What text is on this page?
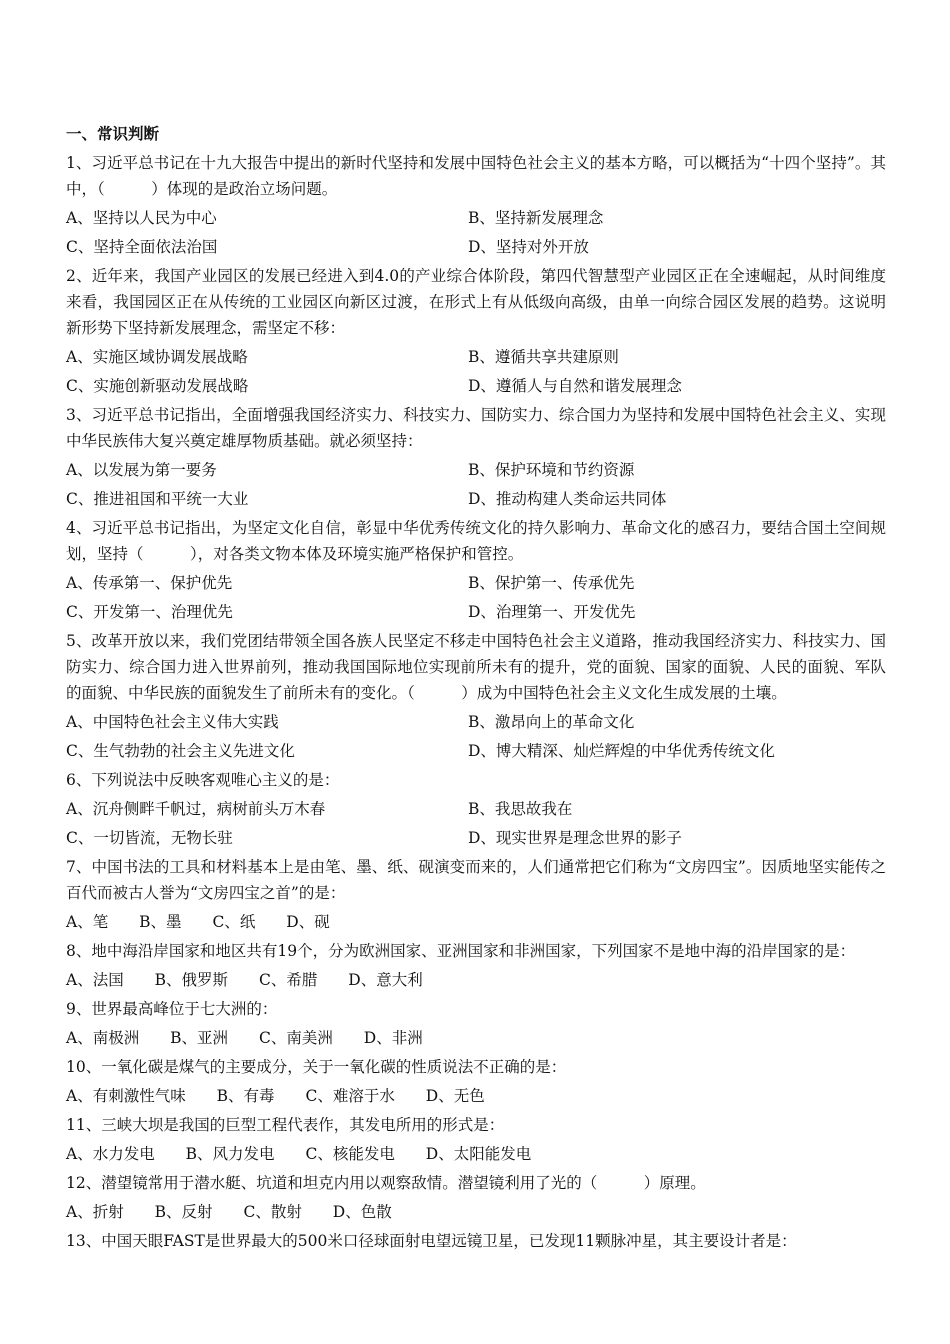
一、常识判断
1、习近平总书记在十九大报告中提出的新时代坚持和发展中国特色社会主义的基本方略，可以概括为“十四个坚持”。其中，（　　　）体现的是政治立场问题。
A、坚持以人民为中心	B、坚持新发展理念
C、坚持全面依法治国	D、坚持对外开放
2、近年来，我国产业园区的发展已经进入到4.0的产业综合体阶段，第四代智慧型产业园区正在全速崛起，从时间维度来看，我国园区正在从传统的工业园区向新区过渡，在形式上有从低级向高级，由单一向综合园区发展的趋势。这说明新形势下坚持新发展理念，需坚定不移：
A、实施区域协调发展战略	B、遵循共享共建原则
C、实施创新驱动发展战略	D、遵循人与自然和谐发展理念
3、习近平总书记指出，全面增强我国经济实力、科技实力、国防实力、综合国力为坚持和发展中国特色社会主义、实现中华民族伟大复兴奠定雄厚物质基础。就必须坚持：
A、以发展为第一要务	B、保护环境和节约资源
C、推进祖国和平统一大业	D、推动构建人类命运共同体
4、习近平总书记指出，为坚定文化自信，彰显中华优秀传统文化的持久影响力、革命文化的感召力，要结合国土空间规划，坚持（　　　），对各类文物本体及环境实施严格保护和管控。
A、传承第一、保护优先	B、保护第一、传承优先
C、开发第一、治理优先	D、治理第一、开发优先
5、改革开放以来，我们党团结带领全国各族人民坚定不移走中国特色社会主义道路，推动我国经济实力、科技实力、国防实力、综合国力进入世界前列，推动我国国际地位实现前所未有的提升，党的面貌、国家的面貌、人民的面貌、军队的面貌、中华民族的面貌发生了前所未有的变化。（　　　）成为中国特色社会主义文化生成发展的土壤。
A、中国特色社会主义伟大实践	B、激昂向上的革命文化
C、生气勃勃的社会主义先进文化	D、博大精深、灿烂辉煌的中华优秀传统文化
6、下列说法中反映客观唯心主义的是：
A、沉舟侧畔千帆过，病树前头万木春	B、我思故我在
C、一切皆流，无物长驻	D、现实世界是理念世界的影子
7、中国书法的工具和材料基本上是由笔、墨、纸、砚演变而来的，人们通常把它们称为“文房四宝”。因质地坚实能传之百代而被古人誉为“文房四宝之首”的是：
A、笔 B、墨 C、纸 D、砚
8、地中海沿岸国家和地区共有19个，分为欧洲国家、亚洲国家和非洲国家，下列国家不是地中海的沿岸国家的是：
A、法国 B、俄罗斯 C、希腊 D、意大利
9、世界最高峰位于七大洲的：
A、南极洲 B、亚洲 C、南美洲 D、非洲
10、一氧化碳是煤气的主要成分，关于一氧化碳的性质说法不正确的是：
A、有刺激性气味 B、有毒 C、难溶于水 D、无色
11、三峡大坝是我国的巨型工程代表作，其发电所用的形式是：
A、水力发电 B、风力发电 C、核能发电 D、太阳能发电
12、潜望镜常用于潜水艇、坑道和坦克内用以观察敌情。潜望镜利用了光的（　　　）原理。
A、折射 B、反射 C、散射 D、色散
13、中国天眼FAST是世界最大的500米口径球面射电望远镜卫星，已发现11颗脉冲星，其主要设计者是：
